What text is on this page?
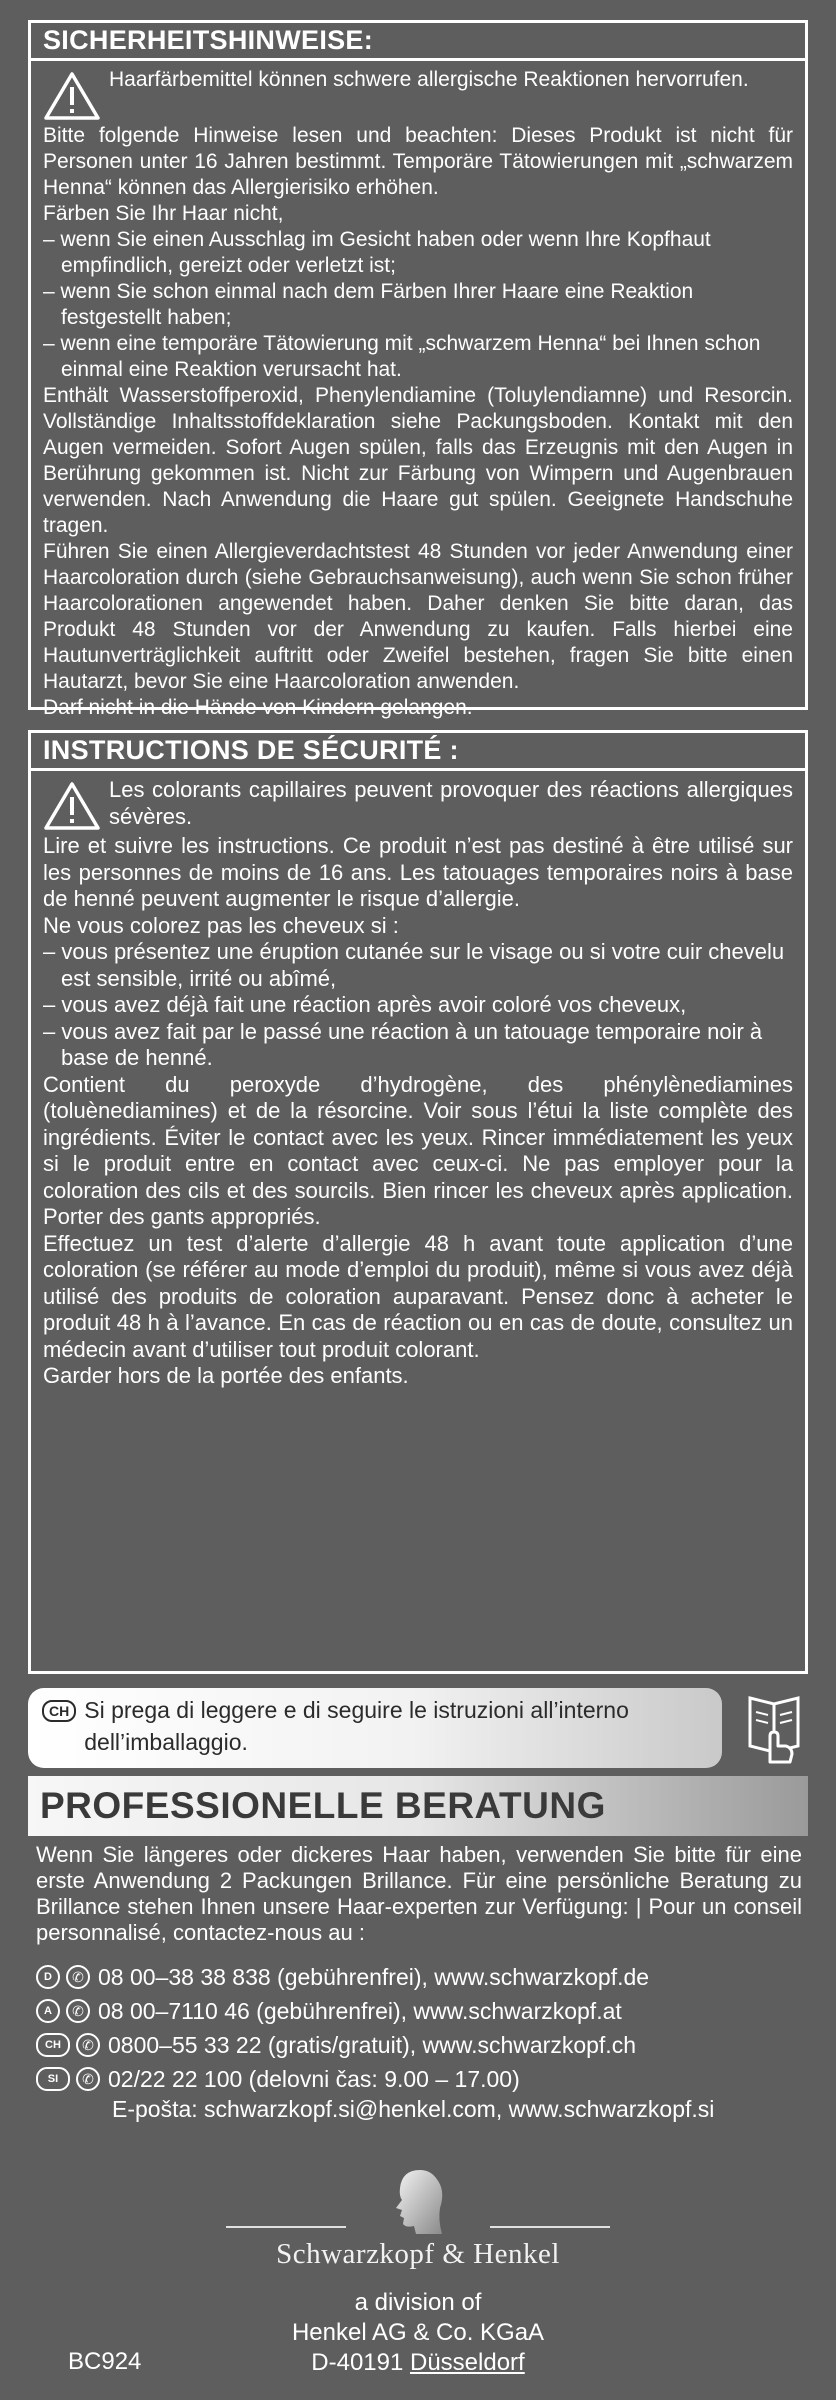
SICHERHEITSHINWEISE:

Haarfärbemittel können schwere allergische Reaktionen hervorrufen.

Bitte folgende Hinweise lesen und beachten: Dieses Produkt ist nicht für Personen unter 16 Jahren bestimmt. Temporäre Tätowierungen mit „schwarzem Henna“ können das Allergierisiko erhöhen.

Färben Sie Ihr Haar nicht,

– wenn Sie einen Ausschlag im Gesicht haben oder wenn Ihre Kopfhaut empfindlich, gereizt oder verletzt ist;
– wenn Sie schon einmal nach dem Färben Ihrer Haare eine Reaktion festgestellt haben;
– wenn eine temporäre Tätowierung mit „schwarzem Henna“ bei Ihnen schon einmal eine Reaktion verursacht hat.

Enthält Wasserstoffperoxid, Phenylendiamine (Toluylendiamne) und Resorcin. Vollständige Inhaltsstoffdeklaration siehe Packungsboden. Kontakt mit den Augen vermeiden. Sofort Augen spülen, falls das Erzeugnis mit den Augen in Berührung gekommen ist. Nicht zur Färbung von Wimpern und Augenbrauen verwenden. Nach Anwendung die Haare gut spülen. Geeignete Handschuhe tragen.

Führen Sie einen Allergieverdachtstest 48 Stunden vor jeder Anwendung einer Haarcoloration durch (siehe Gebrauchsanweisung), auch wenn Sie schon früher Haarcolorationen angewendet haben. Daher denken Sie bitte daran, das Produkt 48 Stunden vor der Anwendung zu kaufen. Falls hierbei eine Hautunverträglichkeit auftritt oder Zweifel bestehen, fragen Sie bitte einen Hautarzt, bevor Sie eine Haarcoloration anwenden.

Darf nicht in die Hände von Kindern gelangen.

INSTRUCTIONS DE SÉCURITÉ :

Les colorants capillaires peuvent provoquer des réactions allergiques sévères.

Lire et suivre les instructions. Ce produit n’est pas destiné à être utilisé sur les personnes de moins de 16 ans. Les tatouages temporaires noirs à base de henné peuvent augmenter le risque d’allergie.

Ne vous colorez pas les cheveux si :

– vous présentez une éruption cutanée sur le visage ou si votre cuir chevelu est sensible, irrité ou abîmé,
– vous avez déjà fait une réaction après avoir coloré vos cheveux,
– vous avez fait par le passé une réaction à un tatouage temporaire noir à base de henné.

Contient du peroxyde d’hydrogène, des phénylènediamines (toluènediamines) et de la résorcine. Voir sous l’étui la liste complète des ingrédients. Éviter le contact avec les yeux. Rincer immédiatement les yeux si le produit entre en contact avec ceux-ci. Ne pas employer pour la coloration des cils et des sourcils. Bien rincer les cheveux après application. Porter des gants appropriés.

Effectuez un test d’alerte d’allergie 48 h avant toute application d’une coloration (se référer au mode d’emploi du produit), même si vous avez déjà utilisé des produits de coloration auparavant. Pensez donc à acheter le produit 48 h à l’avance. En cas de réaction ou en cas de doute, consultez un médecin avant d’utiliser tout produit colorant.

Garder hors de la portée des enfants.

CH Si prega di leggere e di seguire le istruzioni all’interno dell’imballaggio.
PROFESSIONELLE BERATUNG
Wenn Sie längeres oder dickeres Haar haben, verwenden Sie bitte für eine erste Anwendung 2 Packungen Brillance. Für eine persönliche Beratung zu Brillance stehen Ihnen unsere Haar-experten zur Verfügung: | Pour un conseil personnalisé, contactez-nous au :
D	✆ 08 00–38 38 838 (gebührenfrei), www.schwarzkopf.de
A	✆ 08 00–7110 46 (gebührenfrei), www.schwarzkopf.at
CH	✆ 0800–55 33 22 (gratis/gratuit), www.schwarzkopf.ch
SI	✆ 02/22 22 100 (delovni čas: 9.00 – 17.00)
E-pošta: schwarzkopf.si@henkel.com, www.schwarzkopf.si
Schwarzkopf & Henkel
a division of
Henkel AG & Co. KGaA
D-40191 Düsseldorf
BC924
